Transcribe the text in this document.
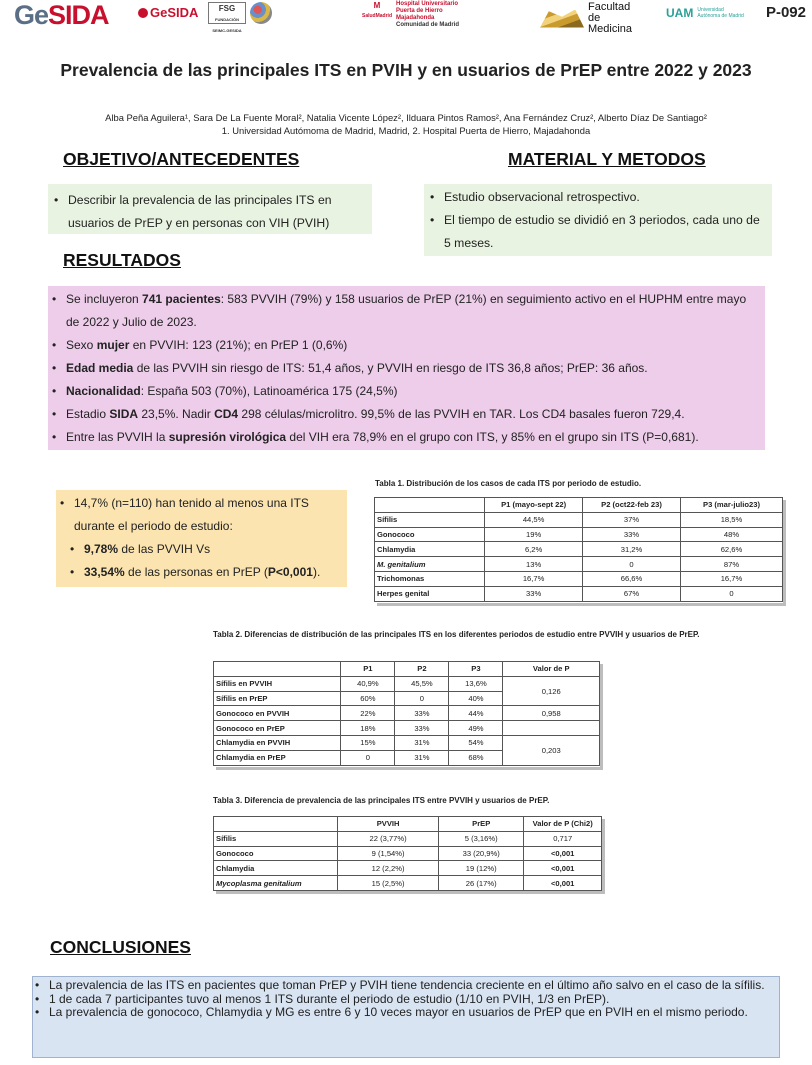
GeSIDA	GeSIDA	FSG
FUNDACIÓN SEIMC-GESIDA
M
SaludMadrid
Hospital Universitario Puerta de Hierro Majadahonda
Comunidad de Madrid
Facultad de Medicina
UAM Universidad Autónoma de Madrid P-092
Prevalencia de las principales ITS en PVIH y en usuarios de PrEP entre 2022 y 2023
Alba Peña Aguilera¹, Sara De La Fuente Moral², Natalia Vicente López², Ilduara Pintos Ramos², Ana Fernández Cruz², Alberto Díaz De Santiago²
1. Universidad Autómoma de Madrid, Madrid, 2. Hospital Puerta de Hierro, Majadahonda
OBJETIVO/ANTECEDENTES
• Describir la prevalencia de las principales ITS en usuarios de PrEP y en personas con VIH (PVIH)
MATERIAL Y METODOS
• Estudio observacional retrospectivo.
• El tiempo de estudio se dividió en 3 periodos, cada uno de 5 meses.
RESULTADOS
• Se incluyeron 741 pacientes: 583 PVVIH (79%) y 158 usuarios de PrEP (21%) en seguimiento activo en el HUPHM entre mayo de 2022 y Julio de 2023.
• Sexo mujer en PVVIH: 123 (21%); en PrEP 1 (0,6%)
• Edad media de las PVVIH sin riesgo de ITS: 51,4 años, y PVVIH en riesgo de ITS 36,8 años; PrEP: 36 años.
• Nacionalidad: España 503 (70%), Latinoamérica 175 (24,5%)
• Estadio SIDA 23,5%. Nadir CD4 298 células/microlitro. 99,5% de las PVVIH en TAR. Los CD4 basales fueron 729,4.
• Entre las PVVIH la supresión virológica del VIH era 78,9% en el grupo con ITS, y 85% en el grupo sin ITS (P=0,681).
• 14,7% (n=110) han tenido al menos una ITS durante el periodo de estudio:
• 9,78% de las PVVIH Vs
• 33,54% de las personas en PrEP (P<0,001).
Tabla 1. Distribución de los casos de cada ITS por periodo de estudio.
	P1 (mayo-sept 22)	P2 (oct22-feb 23)	P3 (mar-julio23)
Sífilis	44,5%	37%	18,5%
Gonococo	19%	33%	48%
Chlamydia	6,2%	31,2%	62,6%
M. genitalium	13%	0	87%
Trichomonas	16,7%	66,6%	16,7%
Herpes genital	33%	67%	0
Tabla 2. Diferencias de distribución de las principales ITS en los diferentes periodos de estudio entre PVVIH y usuarios de PrEP.
	P1	P2	P3	Valor de P
Sífilis en PVVIH	40,9%	45,5%	13,6%	0,126
Sífilis en PrEP	60%	0	40%	
Gonococo en PVVIH	22%	33%	44%	0,958
Gonococo en PrEP	18%	33%	49%	
Chlamydia en PVVIH	15%	31%	54%	0,203
Chlamydia en PrEP	0	31%	68%	
Tabla 3. Diferencia de prevalencia de las principales ITS entre PVVIH y usuarios de PrEP.
	PVVIH	PrEP	Valor de P (Chi2)
Sífilis	22 (3,77%)	5 (3,16%)	0,717
Gonococo	9 (1,54%)	33 (20,9%)	<0,001
Chlamydia	12 (2,2%)	19 (12%)	<0,001
Mycoplasma genitalium	15 (2,5%)	26 (17%)	<0,001
CONCLUSIONES
• La prevalencia de las ITS en pacientes que toman PrEP y PVIH tiene tendencia creciente en el último año salvo en el caso de la sífilis.
• 1 de cada 7 participantes tuvo al menos 1 ITS durante el periodo de estudio (1/10 en PVIH, 1/3 en PrEP).
• La prevalencia de gonococo, Chlamydia y MG es entre 6 y 10 veces mayor en usuarios de PrEP que en PVIH en el mismo periodo.
